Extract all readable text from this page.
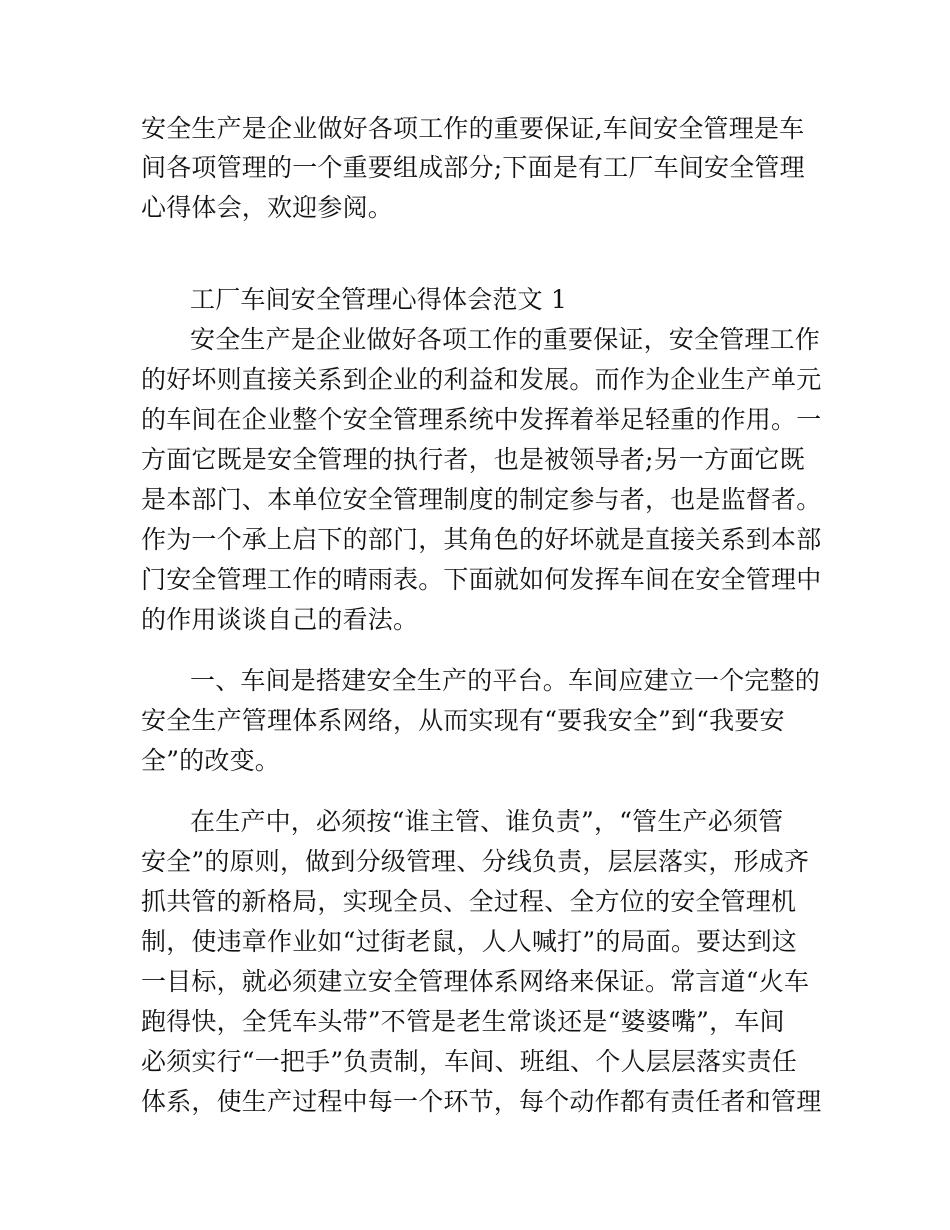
安全生产是企业做好各项工作的重要保证,车间安全管理是车
间各项管理的一个重要组成部分;下面是有工厂车间安全管理
心得体会，欢迎参阅。
工厂车间安全管理心得体会范文 1
安全生产是企业做好各项工作的重要保证，安全管理工作
的好坏则直接关系到企业的利益和发展。而作为企业生产单元
的车间在企业整个安全管理系统中发挥着举足轻重的作用。一
方面它既是安全管理的执行者，也是被领导者;另一方面它既
是本部门、本单位安全管理制度的制定参与者，也是监督者。
作为一个承上启下的部门，其角色的好坏就是直接关系到本部
门安全管理工作的晴雨表。下面就如何发挥车间在安全管理中
的作用谈谈自己的看法。
一、车间是搭建安全生产的平台。车间应建立一个完整的
安全生产管理体系网络，从而实现有“要我安全”到“我要安
全”的改变。
在生产中，必须按“谁主管、谁负责”，“管生产必须管
安全”的原则，做到分级管理、分线负责，层层落实，形成齐
抓共管的新格局，实现全员、全过程、全方位的安全管理机
制，使违章作业如“过街老鼠，人人喊打”的局面。要达到这
一目标，就必须建立安全管理体系网络来保证。常言道“火车
跑得快，全凭车头带”不管是老生常谈还是“婆婆嘴”，车间
必须实行“一把手”负责制，车间、班组、个人层层落实责任
体系，使生产过程中每一个环节，每个动作都有责任者和管理
